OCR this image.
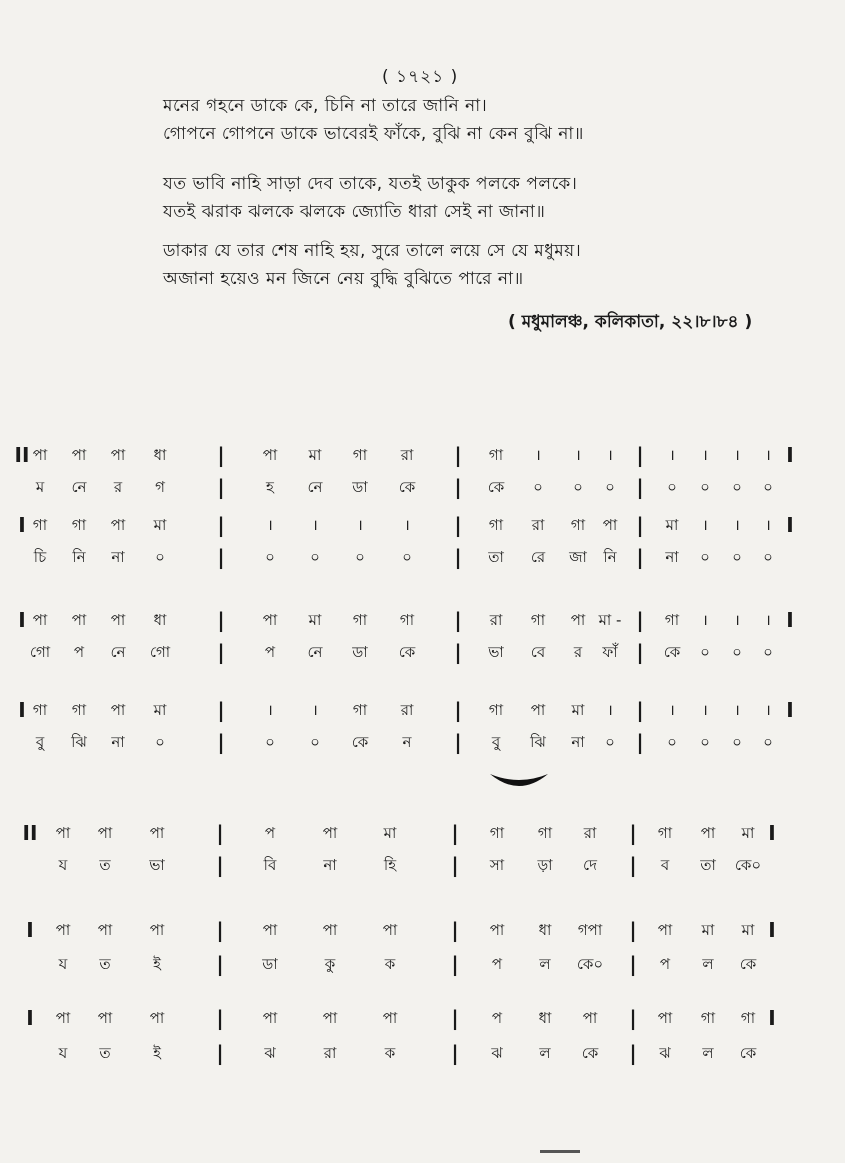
( ১৭২১ )
মনের গহনে ডাকে কে, চিনি না তারে জানি না।
গোপনে গোপনে ডাকে ভাবেরই ফাঁকে, বুঝি না কেন বুঝি না॥
যত ভাবি নাহি সাড়া দেব তাকে, যতই ডাকুক পলকে পলকে।
যতই ঝরাক ঝলকে ঝলকে জ্যোতি ধারা সেই না জানা॥
ডাকার যে তার শেষ নাহি হয়, সুরে তালে লয়ে সে যে মধুময়।
অজানা হয়েও মন জিনে নেয় বুদ্ধি বুঝিতে পারে না॥
( মধুমালঞ্চ, কলিকাতা, ২২।৮।৮৪ )
II পা পা পা ধা	|	পা মা গা রা | গা । । । | । । । । I
ম নে র গ	|	হ নে ডা কে | কে ০ ০ ০ | ০ ০ ০ ০
I গা গা পা মা	|	।	।	।	। | গা রা গা পা | মা । । । I
চি নি না ০	|	০ ০ ০ ০ | তা রে জা নি | না ০ ০ ০
I পা পা পা ধা	|	পা মা গা গা | রা গা পা মা - | গা । । । I
গো প নে গো |	প নে ডা কে | ভা বে র ফাঁ | কে ০ ০ ০
I গা গা পা মা	|	।	। গা রা | গা পা মা । | । । । । I
বু ঝি না ০	|	০ ০ কে ন | বু ঝি না ০ | ০ ০ ০ ০
II পা পা পা	|	প	পা	মা	| গা গা রা | গা পা মা I
য ত	ভা	|	বি	না	হি	| সা ড়া দে | ব তা কে০
I পা পা পা	|	পা	পা	পা	| পা ধা গপা | পা মা মা I
য ত	ই	|	ডা	কু	ক	| প ল কে০ | প ল কে
I পা পা পা	|	পা	পা	পা	| প ধা পা | পা গা গা I
য ত	ই	|	ঝ	রা	ক	| ঝ ল কে | ঝ ল কে
